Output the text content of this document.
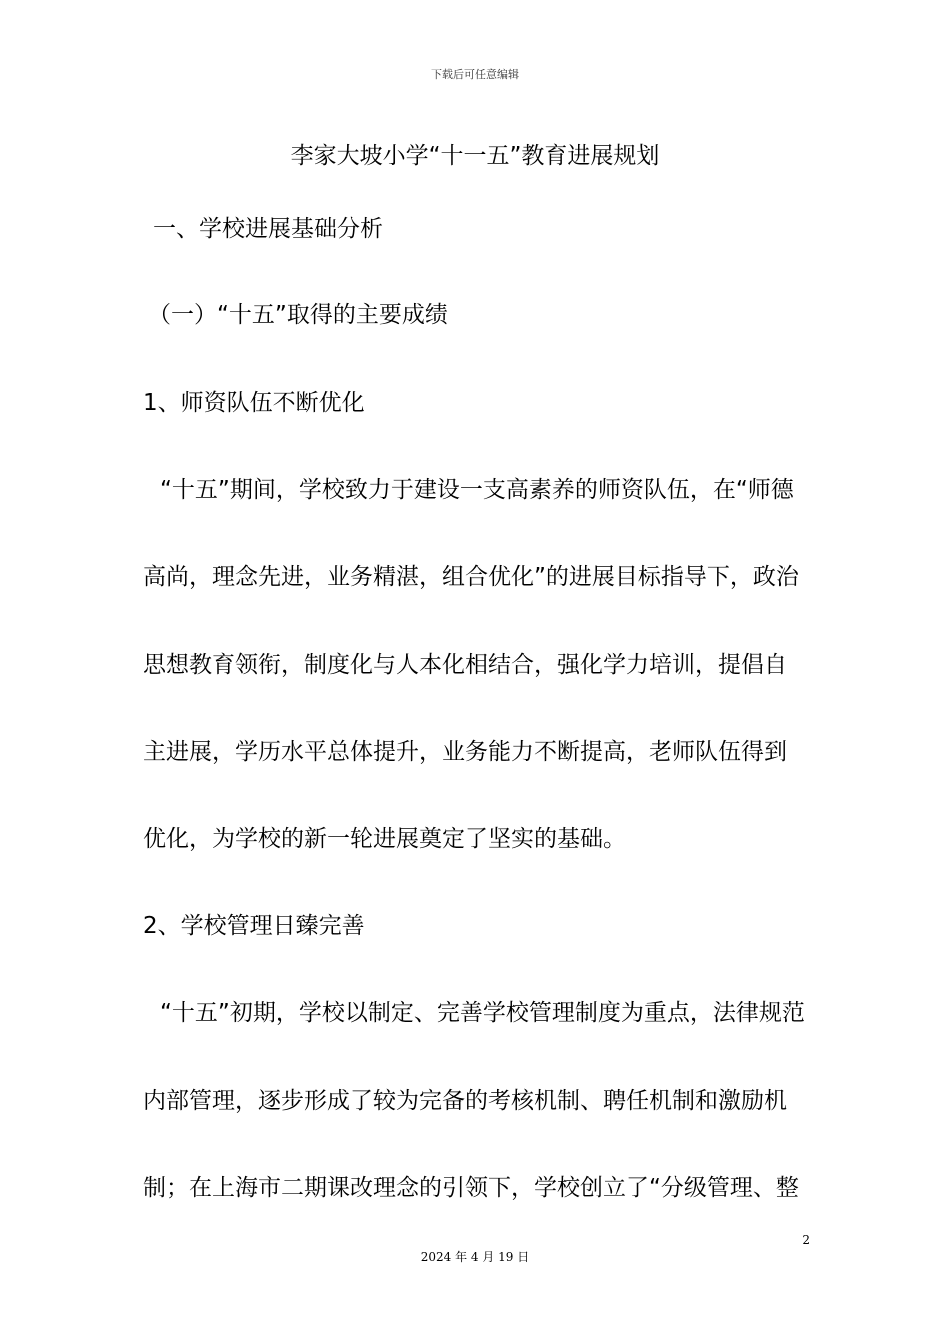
下载后可任意编辑
李家大坡小学“十一五”教育进展规划
一、学校进展基础分析
（一）“十五”取得的主要成绩
1、师资队伍不断优化
“十五”期间，学校致力于建设一支高素养的师资队伍，在“师德
高尚，理念先进，业务精湛，组合优化”的进展目标指导下，政治
思想教育领衔，制度化与人本化相结合，强化学力培训，提倡自
主进展，学历水平总体提升，业务能力不断提高，老师队伍得到
优化，为学校的新一轮进展奠定了坚实的基础。
2、学校管理日臻完善
“十五”初期，学校以制定、完善学校管理制度为重点，法律规范
内部管理，逐步形成了较为完备的考核机制、聘任机制和激励机
制；在上海市二期课改理念的引领下，学校创立了“分级管理、整
2
2024 年 4 月 19 日
